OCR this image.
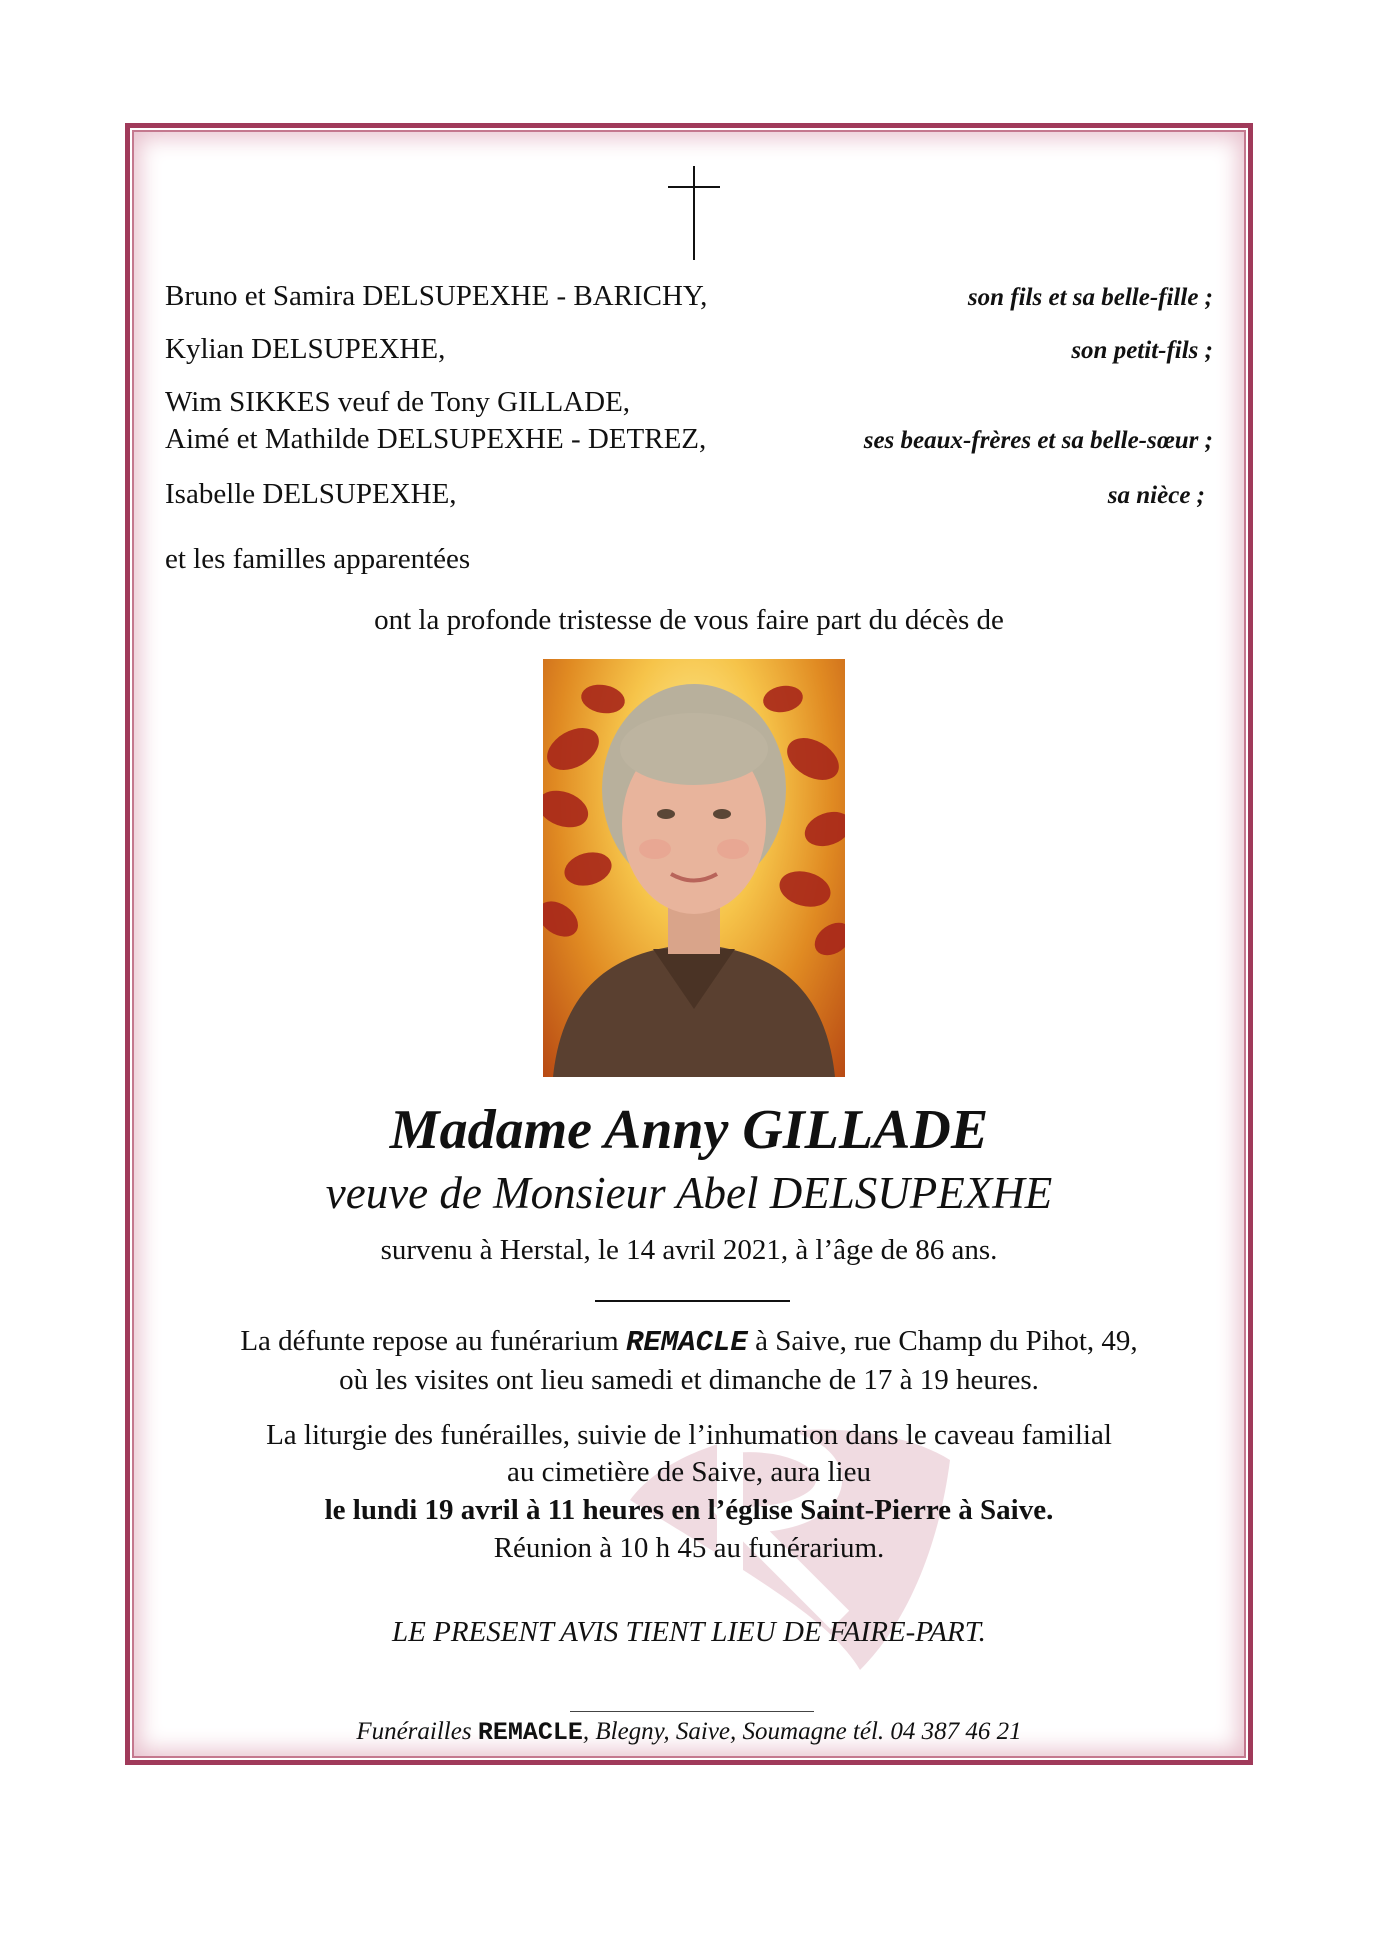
Bruno et Samira DELSUPEXHE - BARICHY,	son fils et sa belle-fille ;
Kylian DELSUPEXHE,	son petit-fils ;
Wim SIKKES veuf de Tony GILLADE,
Aimé et Mathilde DELSUPEXHE - DETREZ,	ses beaux-frères et sa belle-sœur ;
Isabelle DELSUPEXHE,	sa nièce ;
et les familles apparentées
ont la profonde tristesse de vous faire part du décès de
Madame Anny GILLADE
veuve de Monsieur Abel DELSUPEXHE
survenu à Herstal, le 14 avril 2021, à l’âge de 86 ans.
La défunte repose au funérarium REMACLE à Saive, rue Champ du Pihot, 49,
où les visites ont lieu samedi et dimanche de 17 à 19 heures.
La liturgie des funérailles, suivie de l’inhumation dans le caveau familial
au cimetière de Saive, aura lieu
le lundi 19 avril à 11 heures en l’église Saint-Pierre à Saive.
Réunion à 10 h 45 au funérarium.
LE PRESENT AVIS TIENT LIEU DE FAIRE-PART.
Funérailles REMACLE, Blegny, Saive, Soumagne tél. 04 387 46 21
